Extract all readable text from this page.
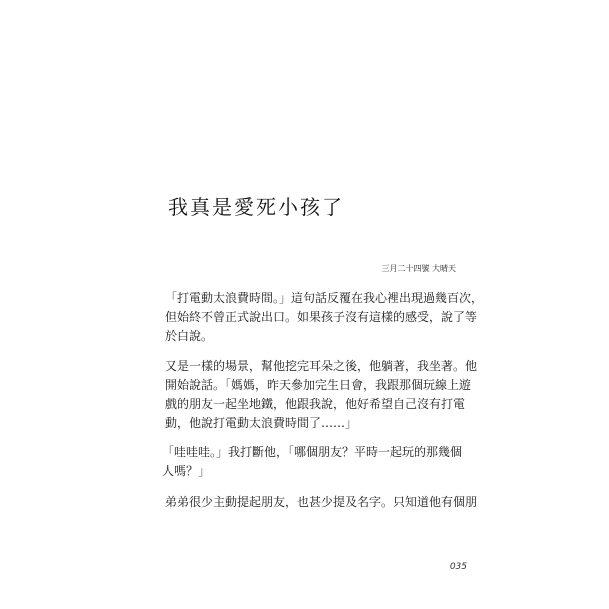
我真是愛死小孩了
三月二十四號 大晴天
「打電動太浪費時間。」這句話反覆在我心裡出現過幾百次，
但始終不曾正式說出口。如果孩子沒有這樣的感受，說了等
於白說。
又是一樣的場景，幫他挖完耳朵之後，他躺著，我坐著。他
開始說話。「媽媽，昨天參加完生日會，我跟那個玩線上遊
戲的朋友一起坐地鐵，他跟我說，他好希望自己沒有打電
動，他說打電動太浪費時間了……」
「哇哇哇。」我打斷他，「哪個朋友？平時一起玩的那幾個
人嗎？」
弟弟很少主動提起朋友，也甚少提及名字。只知道他有個朋
035
